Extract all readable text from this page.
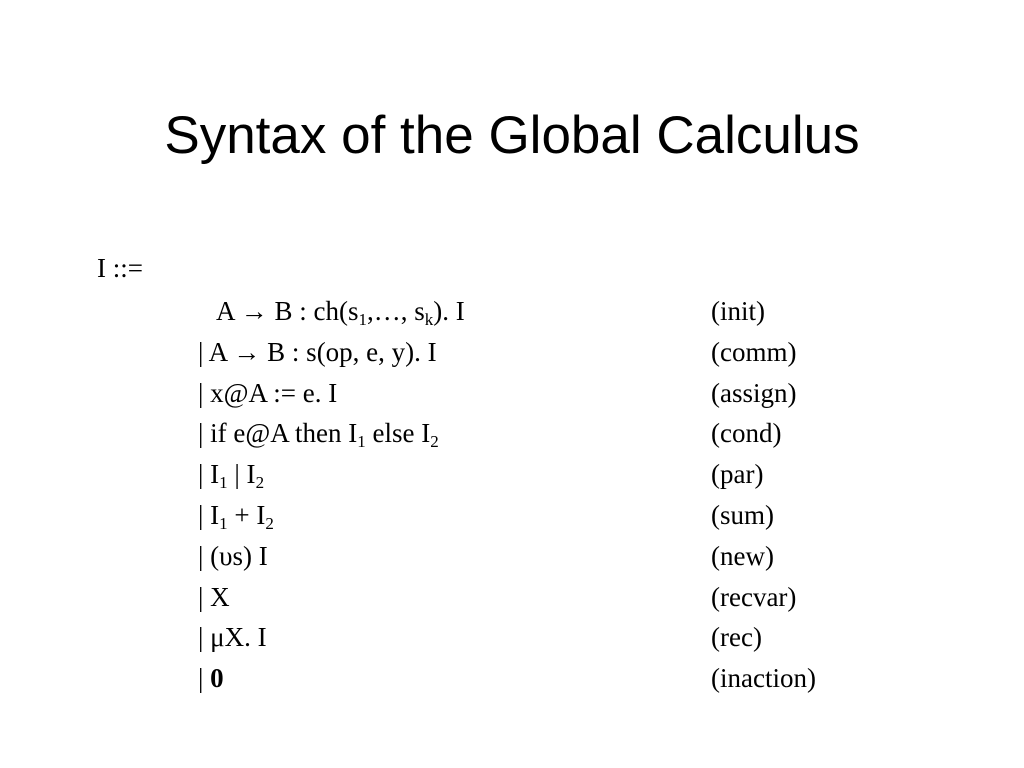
Syntax of the Global Calculus
I ::=
A → B : $ch(s_1,\dots$, $s_k$). I	(init)
| A → B : s(op, e, y). I	(comm)
| x@A := e. I	(assign)
| if e@A then $I_1$ else $I_2$	(cond)
| $I_1$ | $I_2$	(par)
| $I_1 + I_2$	(sum)
| (υs) I	(new)
| X	(recvar)
| μX. I	(rec)
| 0	(inaction)
